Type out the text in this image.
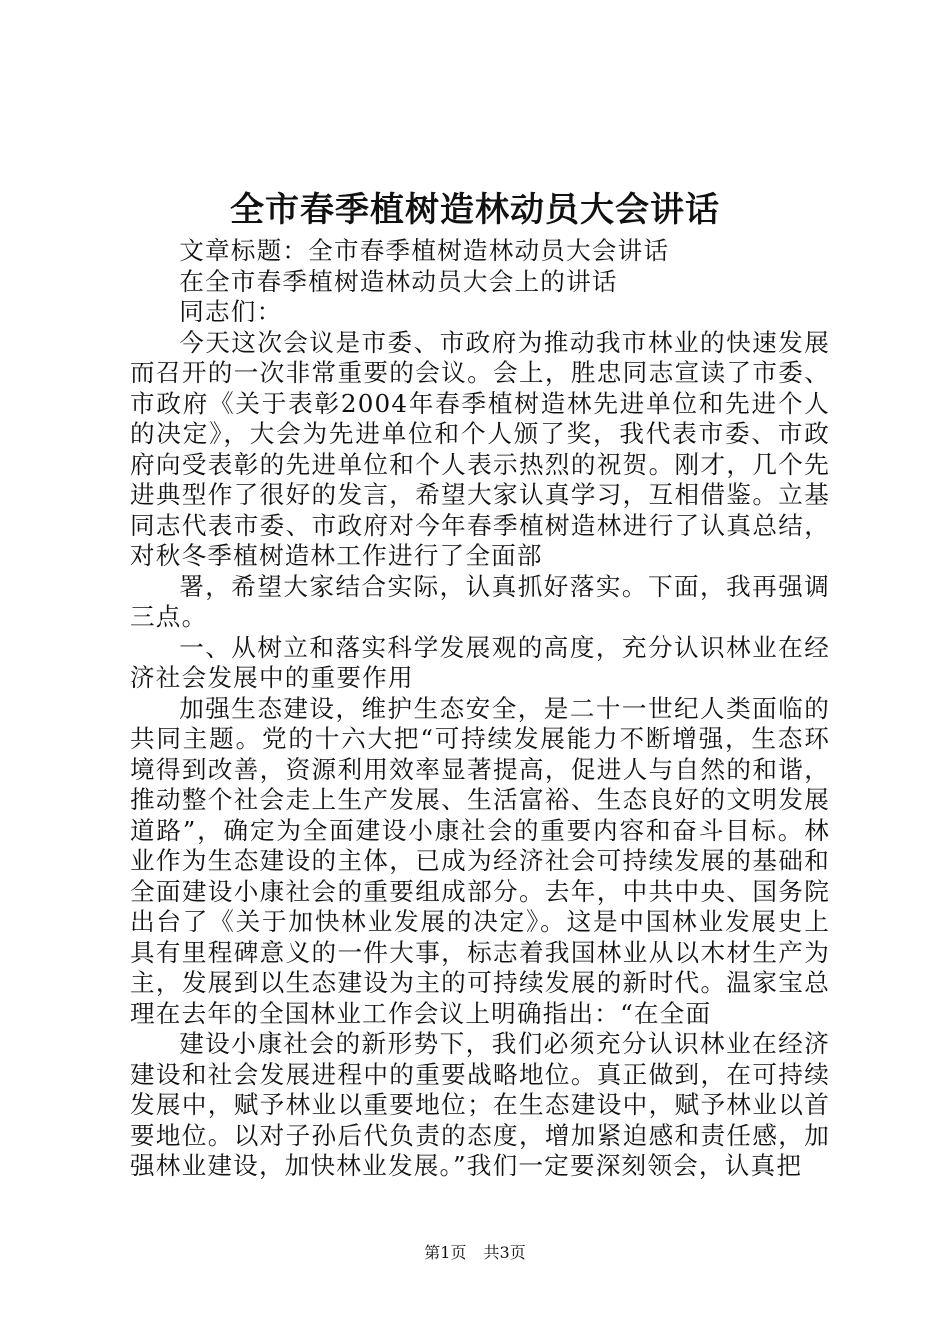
全市春季植树造林动员大会讲话

文章标题：全市春季植树造林动员大会讲话

在全市春季植树造林动员大会上的讲话

同志们：

今天这次会议是市委、市政府为推动我市林业的快速发展而召开的一次非常重要的会议。会上，胜忠同志宣读了市委、市政府《关于表彰2004年春季植树造林先进单位和先进个人的决定》，大会为先进单位和个人颁了奖，我代表市委、市政府向受表彰的先进单位和个人表示热烈的祝贺。刚才，几个先进典型作了很好的发言，希望大家认真学习，互相借鉴。立基同志代表市委、市政府对今年春季植树造林进行了认真总结，对秋冬季植树造林工作进行了全面部

署，希望大家结合实际，认真抓好落实。下面，我再强调三点。

一、从树立和落实科学发展观的高度，充分认识林业在经济社会发展中的重要作用

加强生态建设，维护生态安全，是二十一世纪人类面临的共同主题。党的十六大把“可持续发展能力不断增强，生态环境得到改善，资源利用效率显著提高，促进人与自然的和谐，推动整个社会走上生产发展、生活富裕、生态良好的文明发展道路”，确定为全面建设小康社会的重要内容和奋斗目标。林业作为生态建设的主体，已成为经济社会可持续发展的基础和全面建设小康社会的重要组成部分。去年，中共中央、国务院出台了《关于加快林业发展的决定》。这是中国林业发展史上具有里程碑意义的一件大事，标志着我国林业从以木材生产为主，发展到以生态建设为主的可持续发展的新时代。温家宝总理在去年的全国林业工作会议上明确指出：“在全面

建设小康社会的新形势下，我们必须充分认识林业在经济建设和社会发展进程中的重要战略地位。真正做到，在可持续发展中，赋予林业以重要地位；在生态建设中，赋予林业以首要地位。以对子孙后代负责的态度，增加紧迫感和责任感，加强林业建设，加快林业发展。”我们一定要深刻领会，认真把

第1页 共3页
